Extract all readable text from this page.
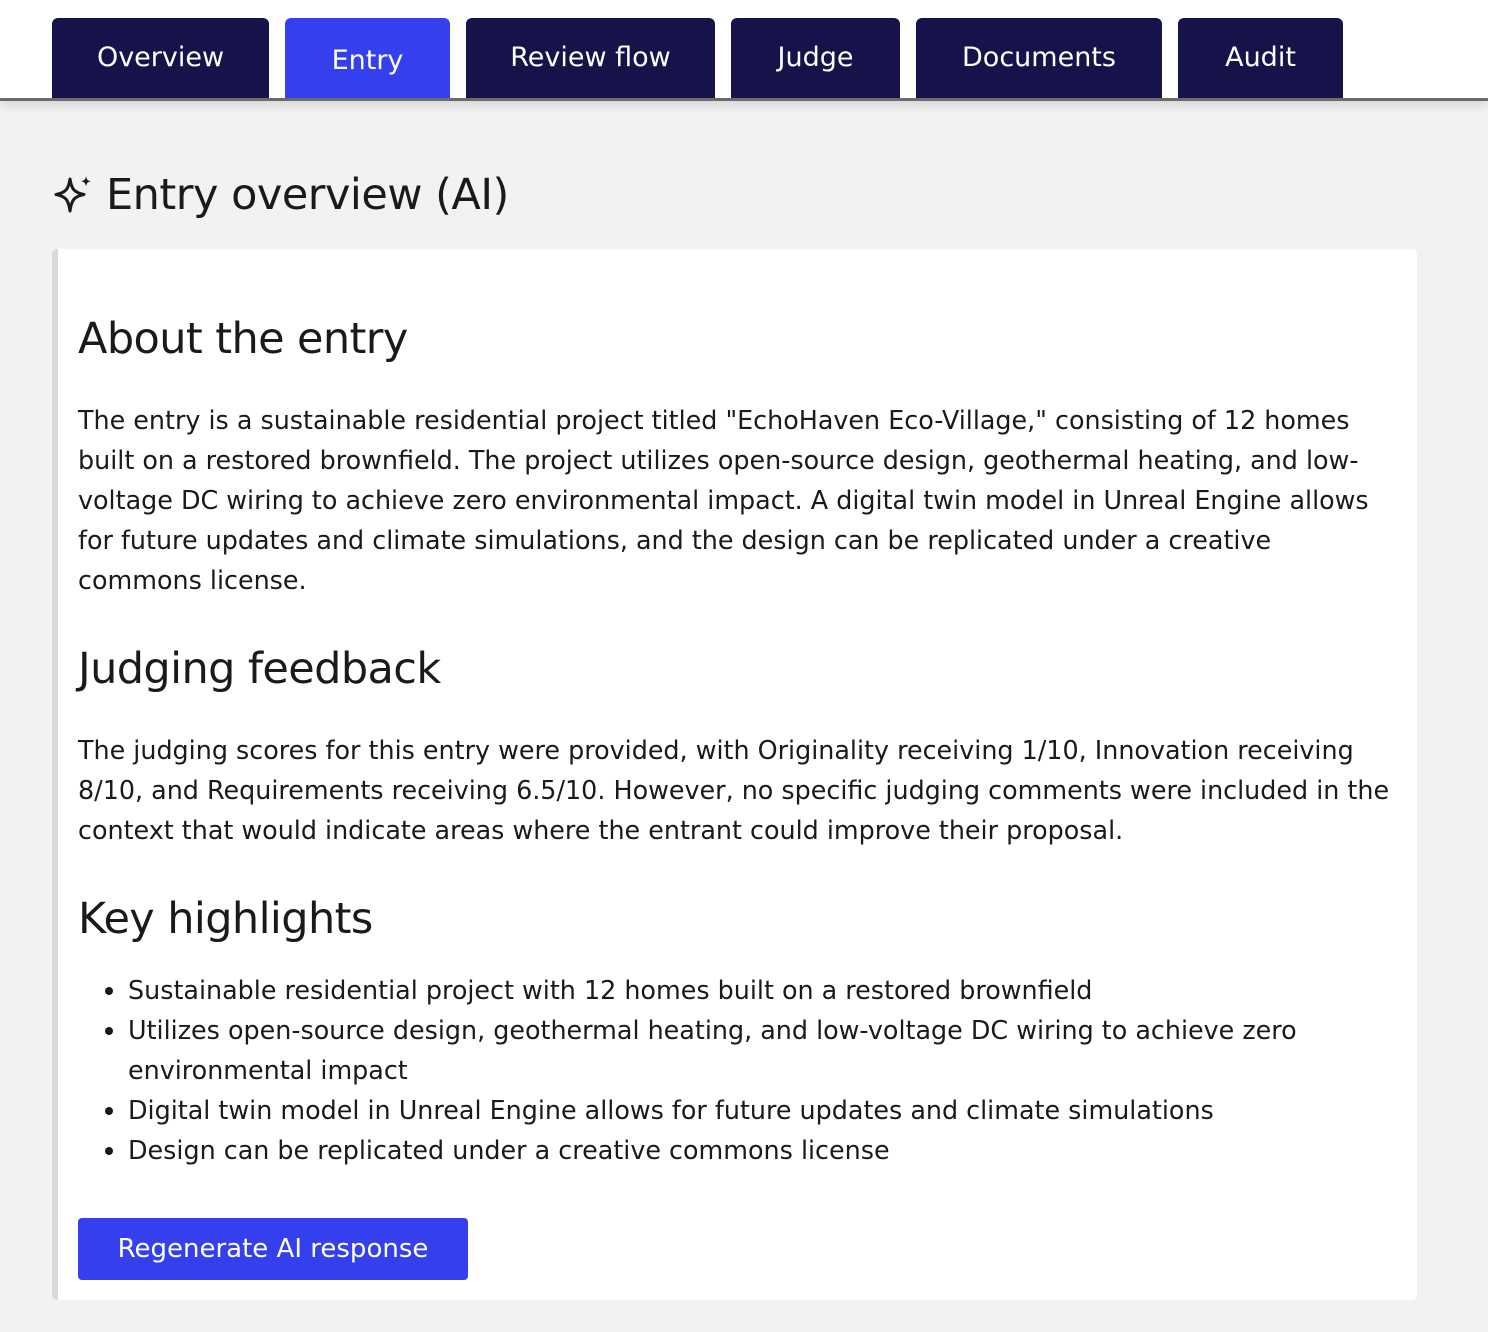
Overview	Entry	Review flow	Judge	Documents	Audit
Entry overview (AI)
About the entry

The entry is a sustainable residential project titled "EchoHaven Eco-Village," consisting of 12 homes built on a restored brownfield. The project utilizes open-source design, geothermal heating, and low-voltage DC wiring to achieve zero environmental impact. A digital twin model in Unreal Engine allows for future updates and climate simulations, and the design can be replicated under a creative commons license.

Judging feedback

The judging scores for this entry were provided, with Originality receiving 1/10, Innovation receiving 8/10, and Requirements receiving 6.5/10. However, no specific judging comments were included in the context that would indicate areas where the entrant could improve their proposal.

Key highlights
• Sustainable residential project with 12 homes built on a restored brownfield
• Utilizes open-source design, geothermal heating, and low-voltage DC wiring to achieve zero environmental impact
• Digital twin model in Unreal Engine allows for future updates and climate simulations
• Design can be replicated under a creative commons license
Regenerate AI response
